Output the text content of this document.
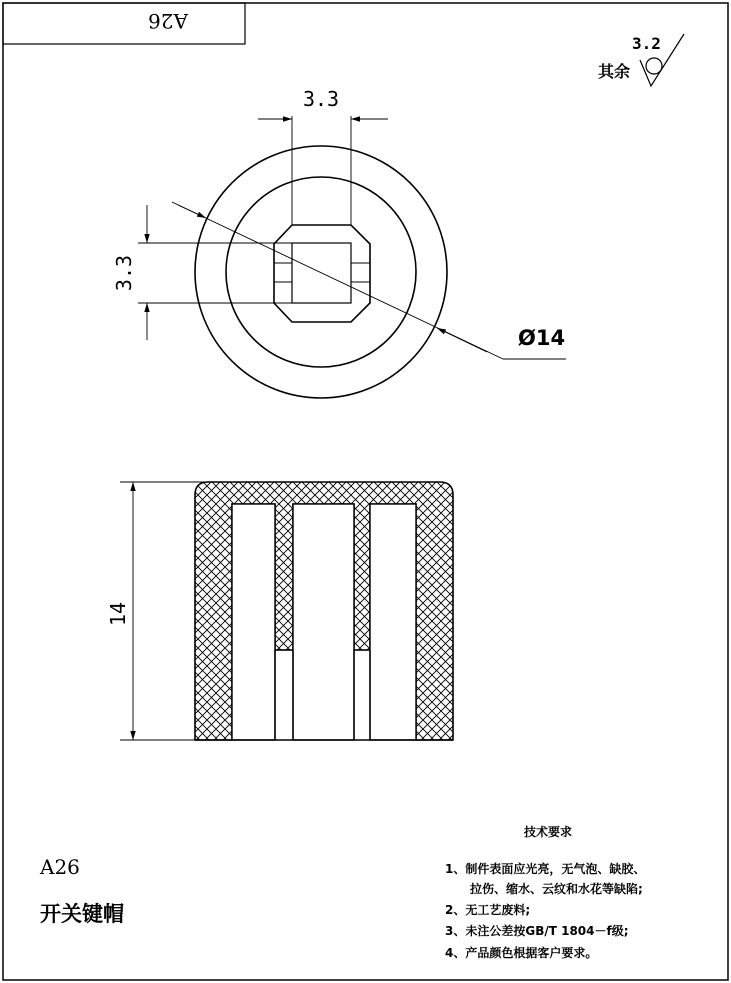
A26
3.2
其余
3.3
3.3
Ø14
14
A26
开关键帽
技术要求
1、制件表面应光亮，无气泡、缺胶、
拉伤、缩水、云纹和水花等缺陷;
2、无工艺废料;
3、未注公差按GB/T 1804－f级;
4、产品颜色根据客户要求。
